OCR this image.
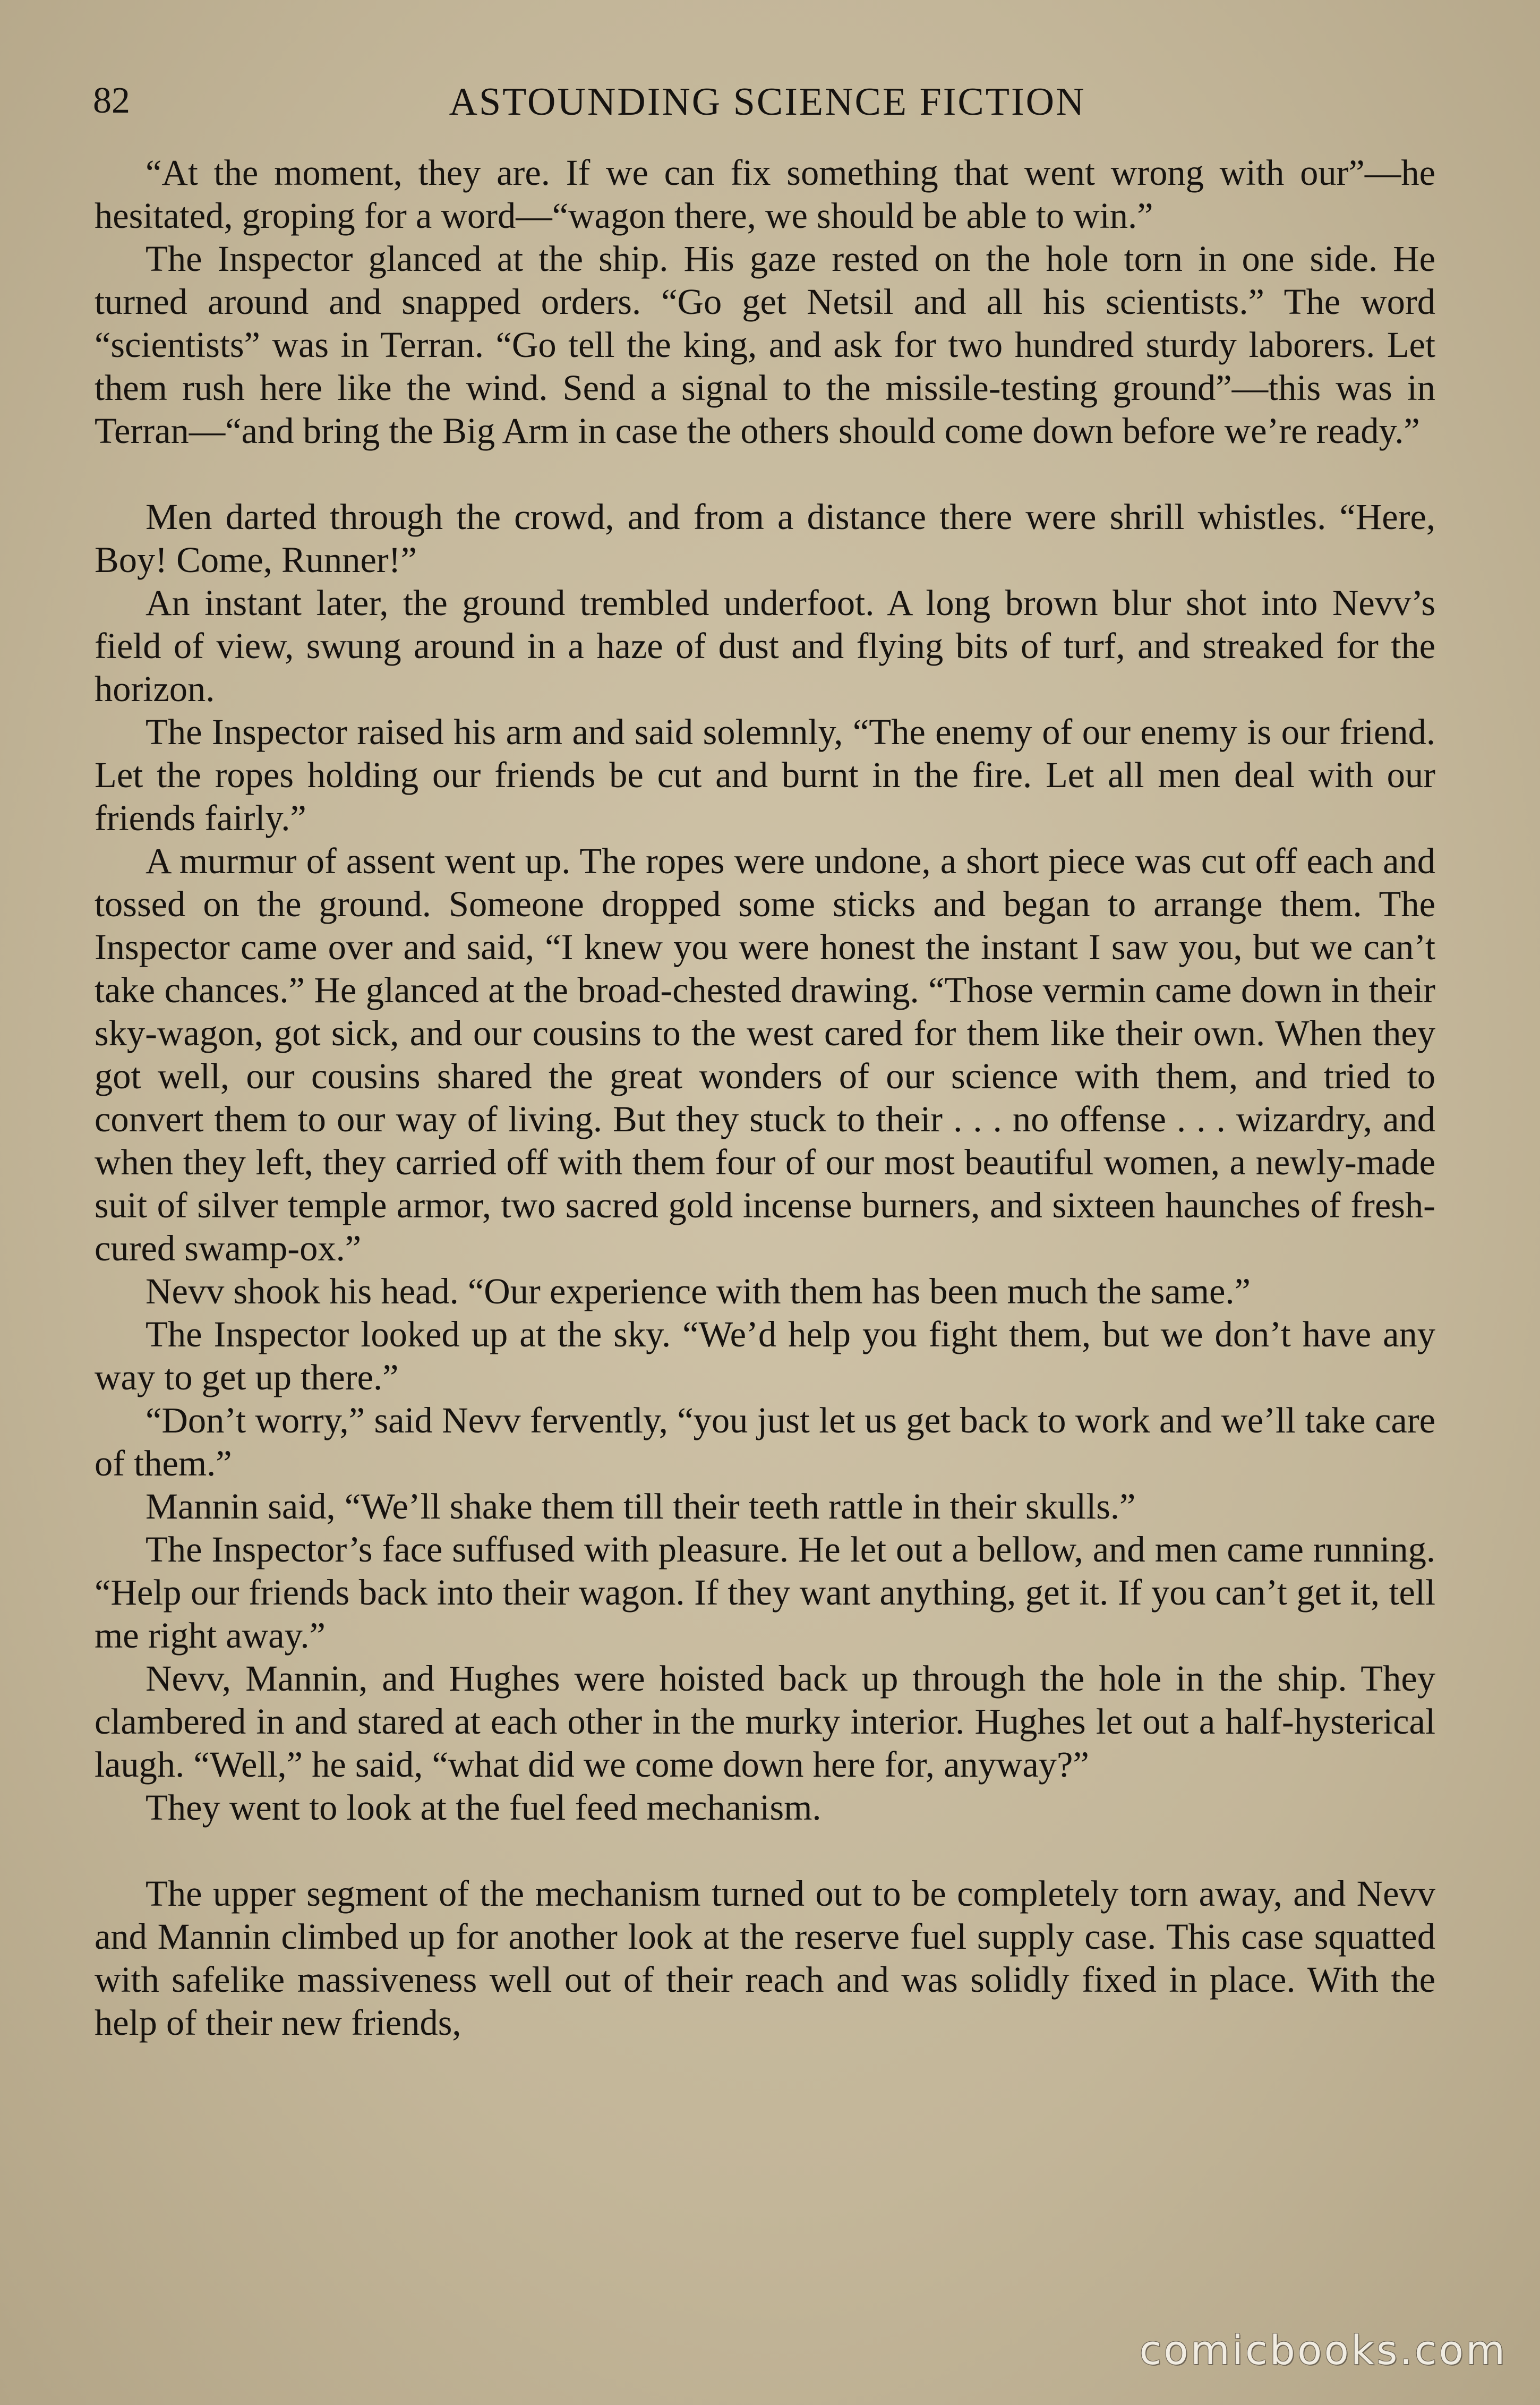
82	ASTOUNDING SCIENCE FICTION

“At the moment, they are. If we can fix something that went wrong with our”—he hesitated, groping for a word—“wagon there, we should be able to win.”

The Inspector glanced at the ship. His gaze rested on the hole torn in one side. He turned around and snapped orders. “Go get Netsil and all his scientists.” The word “scientists” was in Terran. “Go tell the king, and ask for two hundred sturdy laborers. Let them rush here like the wind. Send a signal to the missile-testing ground”—this was in Terran—“and bring the Big Arm in case the others should come down before we’re ready.”

Men darted through the crowd, and from a distance there were shrill whistles. “Here, Boy! Come, Runner!”

An instant later, the ground trembled underfoot. A long brown blur shot into Nevv’s field of view, swung around in a haze of dust and flying bits of turf, and streaked for the horizon.

The Inspector raised his arm and said solemnly, “The enemy of our enemy is our friend. Let the ropes holding our friends be cut and burnt in the fire. Let all men deal with our friends fairly.”

A murmur of assent went up. The ropes were undone, a short piece was cut off each and tossed on the ground. Someone dropped some sticks and began to arrange them. The Inspector came over and said, “I knew you were honest the instant I saw you, but we can’t take chances.” He glanced at the broad-chested drawing. “Those vermin came down in their sky-wagon, got sick, and our cousins to the west cared for them like their own. When they got well, our cousins shared the great wonders of our science with them, and tried to convert them to our way of living. But they stuck to their . . . no offense . . . wizardry, and when they left, they carried off with them four of our most beautiful women, a newly-made suit of silver temple armor, two sacred gold incense burners, and sixteen haunches of fresh-cured swamp-ox.”

Nevv shook his head. “Our experience with them has been much the same.”

The Inspector looked up at the sky. “We’d help you fight them, but we don’t have any way to get up there.”

“Don’t worry,” said Nevv fervently, “you just let us get back to work and we’ll take care of them.”

Mannin said, “We’ll shake them till their teeth rattle in their skulls.”

The Inspector’s face suffused with pleasure. He let out a bellow, and men came running. “Help our friends back into their wagon. If they want anything, get it. If you can’t get it, tell me right away.”

Nevv, Mannin, and Hughes were hoisted back up through the hole in the ship. They clambered in and stared at each other in the murky interior. Hughes let out a half-hysterical laugh. “Well,” he said, “what did we come down here for, anyway?”

They went to look at the fuel feed mechanism.

The upper segment of the mechanism turned out to be completely torn away, and Nevv and Mannin climbed up for another look at the reserve fuel supply case. This case squatted with safelike massiveness well out of their reach and was solidly fixed in place. With the help of their new friends,

comicbooks.com
